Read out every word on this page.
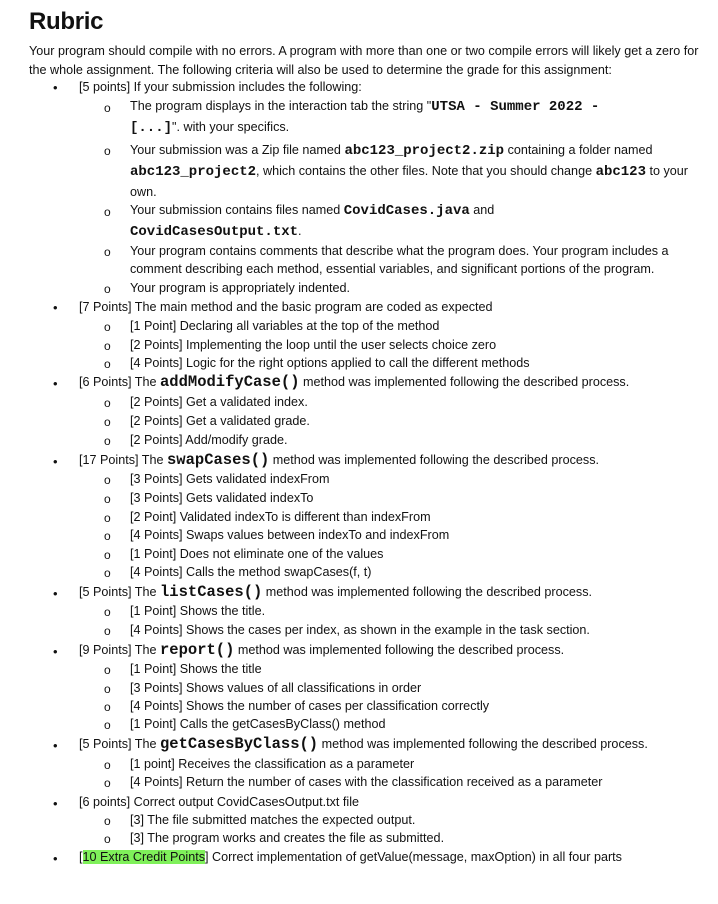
Rubric

Your program should compile with no errors. A program with more than one or two compile errors will likely get a zero for the whole assignment. The following criteria will also be used to determine the grade for this assignment:

• [5 points] If your submission includes the following:
o The program displays in the interaction tab the string "UTSA - Summer 2022 -
[...]". with your specifics.
o Your submission was a Zip file named abc123_project2.zip containing a folder named abc123_project2, which contains the other files. Note that you should change abc123 to your own.
o Your submission contains files named CovidCases.java and CovidCasesOutput.txt.
o Your program contains comments that describe what the program does. Your program includes a comment describing each method, essential variables, and significant portions of the program.
o Your program is appropriately indented.
• [7 Points] The main method and the basic program are coded as expected
o [1 Point] Declaring all variables at the top of the method
o [2 Points] Implementing the loop until the user selects choice zero
o [4 Points] Logic for the right options applied to call the different methods
• [6 Points] The addModifyCase() method was implemented following the described process.
o [2 Points] Get a validated index.
o [2 Points] Get a validated grade.
o [2 Points] Add/modify grade.
• [17 Points] The swapCases() method was implemented following the described process.
o [3 Points] Gets validated indexFrom
o [3 Points] Gets validated indexTo
o [2 Point] Validated indexTo is different than indexFrom
o [4 Points] Swaps values between indexTo and indexFrom
o [1 Point] Does not eliminate one of the values
o [4 Points] Calls the method swapCases(f, t)
• [5 Points] The listCases() method was implemented following the described process.
o [1 Point] Shows the title.
o [4 Points] Shows the cases per index, as shown in the example in the task section.
• [9 Points] The report() method was implemented following the described process.
o [1 Point] Shows the title
o [3 Points] Shows values of all classifications in order
o [4 Points] Shows the number of cases per classification correctly
o [1 Point] Calls the getCasesByClass() method
• [5 Points] The getCasesByClass() method was implemented following the described process.
o [1 point] Receives the classification as a parameter
o [4 Points] Return the number of cases with the classification received as a parameter
• [6 points] Correct output CovidCasesOutput.txt file
o [3] The file submitted matches the expected output.
o [3] The program works and creates the file as submitted.
• [10 Extra Credit Points] Correct implementation of getValue(message, maxOption) in all four parts
